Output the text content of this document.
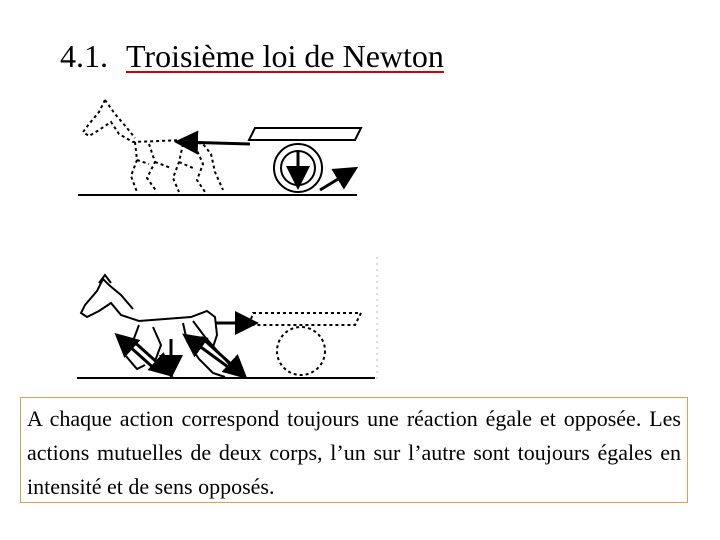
4.1. Troisième loi de Newton
A chaque action correspond toujours une réaction égale et opposée. Les actions mutuelles de deux corps, l’un sur l’autre sont toujours égales en intensité et de sens opposés.
